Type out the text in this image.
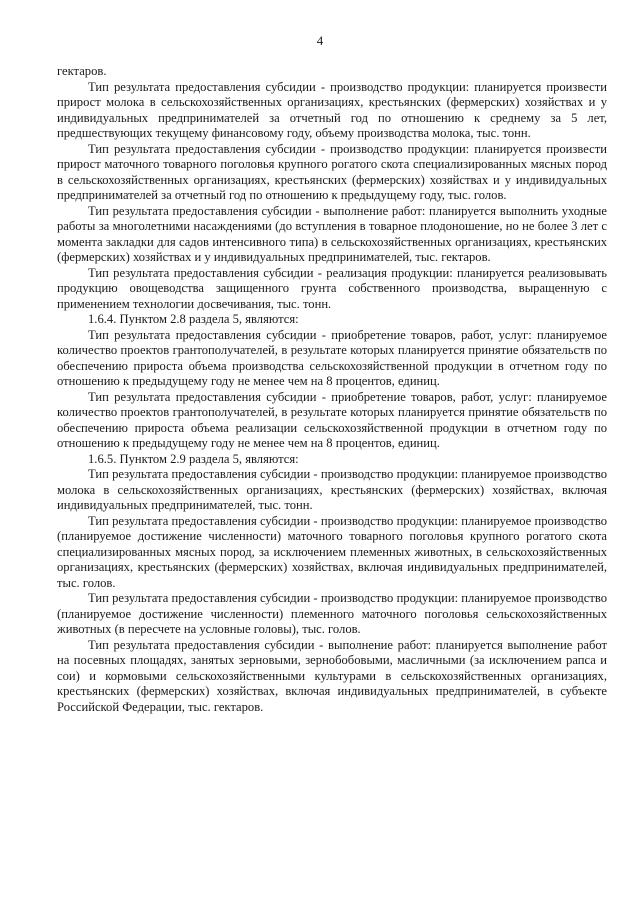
4

гектаров.

Тип результата предоставления субсидии - производство продукции: планируется произвести прирост молока в сельскохозяйственных организациях, крестьянских (фермерских) хозяйствах и у индивидуальных предпринимателей за отчетный год по отношению к среднему за 5 лет, предшествующих текущему финансовому году, объему производства молока, тыс. тонн.

Тип результата предоставления субсидии - производство продукции: планируется произвести прирост маточного товарного поголовья крупного рогатого скота специализированных мясных пород в сельскохозяйственных организациях, крестьянских (фермерских) хозяйствах и у индивидуальных предпринимателей за отчетный год по отношению к предыдущему году, тыс. голов.

Тип результата предоставления субсидии - выполнение работ: планируется выполнить уходные работы за многолетними насаждениями (до вступления в товарное плодоношение, но не более 3 лет с момента закладки для садов интенсивного типа) в сельскохозяйственных организациях, крестьянских (фермерских) хозяйствах и у индивидуальных предпринимателей, тыс. гектаров.

Тип результата предоставления субсидии - реализация продукции: планируется реализовывать продукцию овощеводства защищенного грунта собственного производства, выращенную с применением технологии досвечивания, тыс. тонн.

1.6.4. Пунктом 2.8 раздела 5, являются:

Тип результата предоставления субсидии - приобретение товаров, работ, услуг: планируемое количество проектов грантополучателей, в результате которых планируется принятие обязательств по обеспечению прироста объема производства сельскохозяйственной продукции в отчетном году по отношению к предыдущему году не менее чем на 8 процентов, единиц.

Тип результата предоставления субсидии - приобретение товаров, работ, услуг: планируемое количество проектов грантополучателей, в результате которых планируется принятие обязательств по обеспечению прироста объема реализации сельскохозяйственной продукции в отчетном году по отношению к предыдущему году не менее чем на 8 процентов, единиц.

1.6.5. Пунктом 2.9 раздела 5, являются:

Тип результата предоставления субсидии - производство продукции: планируемое производство молока в сельскохозяйственных организациях, крестьянских (фермерских) хозяйствах, включая индивидуальных предпринимателей, тыс. тонн.

Тип результата предоставления субсидии - производство продукции: планируемое производство (планируемое достижение численности) маточного товарного поголовья крупного рогатого скота специализированных мясных пород, за исключением племенных животных, в сельскохозяйственных организациях, крестьянских (фермерских) хозяйствах, включая индивидуальных предпринимателей, тыс. голов.

Тип результата предоставления субсидии - производство продукции: планируемое производство (планируемое достижение численности) племенного маточного поголовья сельскохозяйственных животных (в пересчете на условные головы), тыс. голов.

Тип результата предоставления субсидии - выполнение работ: планируется выполнение работ на посевных площадях, занятых зерновыми, зернобобовыми, масличными (за исключением рапса и сои) и кормовыми сельскохозяйственными культурами в сельскохозяйственных организациях, крестьянских (фермерских) хозяйствах, включая индивидуальных предпринимателей, в субъекте Российской Федерации, тыс. гектаров.
